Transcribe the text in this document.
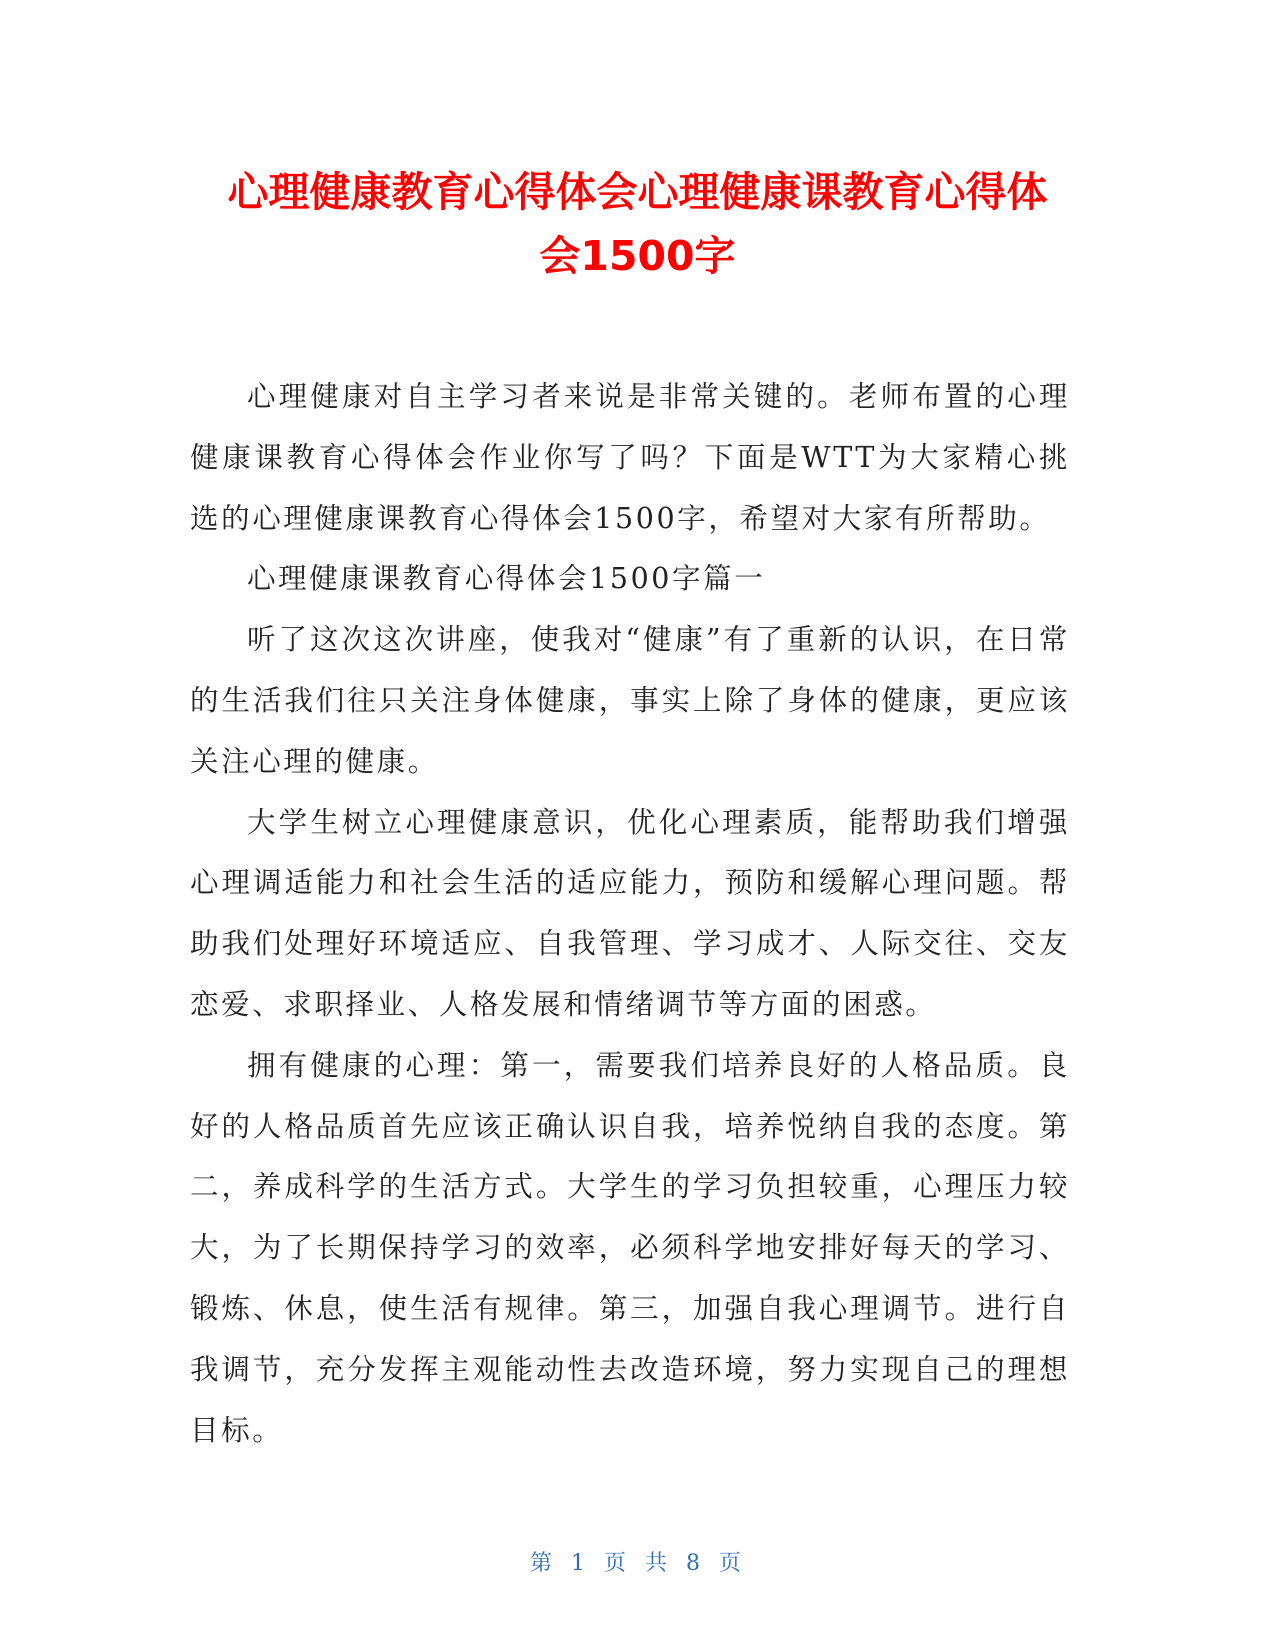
心理健康教育心得体会心理健康课教育心得体
会1500字

心理健康对自主学习者来说是非常关键的。老师布置的心理健康课教育心得体会作业你写了吗？下面是WTT为大家精心挑选的心理健康课教育心得体会1500字，希望对大家有所帮助。

心理健康课教育心得体会1500字篇一

听了这次这次讲座，使我对“健康”有了重新的认识，在日常的生活我们往只关注身体健康，事实上除了身体的健康，更应该关注心理的健康。

大学生树立心理健康意识，优化心理素质，能帮助我们增强心理调适能力和社会生活的适应能力，预防和缓解心理问题。帮助我们处理好环境适应、自我管理、学习成才、人际交往、交友恋爱、求职择业、人格发展和情绪调节等方面的困惑。

拥有健康的心理：第一，需要我们培养良好的人格品质。良好的人格品质首先应该正确认识自我，培养悦纳自我的态度。第二，养成科学的生活方式。大学生的学习负担较重，心理压力较大，为了长期保持学习的效率，必须科学地安排好每天的学习、锻炼、休息，使生活有规律。第三，加强自我心理调节。进行自我调节，充分发挥主观能动性去改造环境，努力实现自己的理想目标。

第 1 页 共 8 页
